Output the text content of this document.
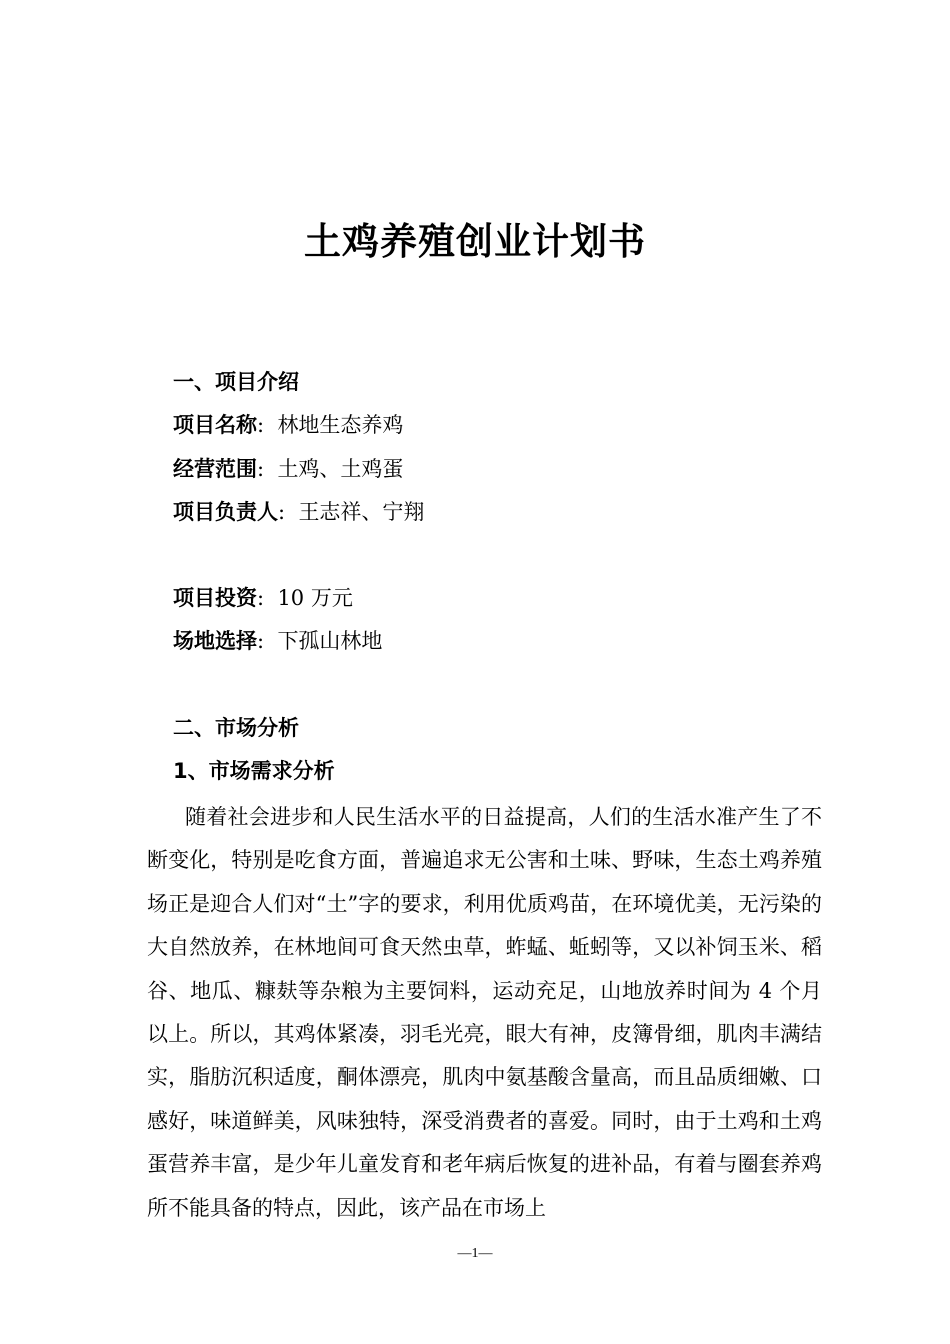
土鸡养殖创业计划书
一、项目介绍
项目名称: 林地生态养鸡
经营范围: 土鸡、土鸡蛋
项目负责人: 王志祥、宁翔
项目投资: 10 万元
场地选择: 下孤山林地
二、市场分析
1、市场需求分析

随着社会进步和人民生活水平的日益提高，人们的生活水准产生了不断变化，特别是吃食方面，普遍追求无公害和土味、野味，生态土鸡养殖场正是迎合人们对“土”字的要求，利用优质鸡苗，在环境优美，无污染的大自然放养，在林地间可食天然虫草，蚱蜢、蚯蚓等，又以补饲玉米、稻谷、地瓜、糠麸等杂粮为主要饲料，运动充足，山地放养时间为 4 个月以上。所以，其鸡体紧凑，羽毛光亮，眼大有神，皮簿骨细，肌肉丰满结实，脂肪沉积适度，酮体漂亮，肌肉中氨基酸含量高，而且品质细嫩、口感好，味道鲜美，风味独特，深受消费者的喜爱。同时，由于土鸡和土鸡蛋营养丰富，是少年儿童发育和老年病后恢复的进补品，有着与圈套养鸡所不能具备的特点，因此，该产品在市场上

—1—
